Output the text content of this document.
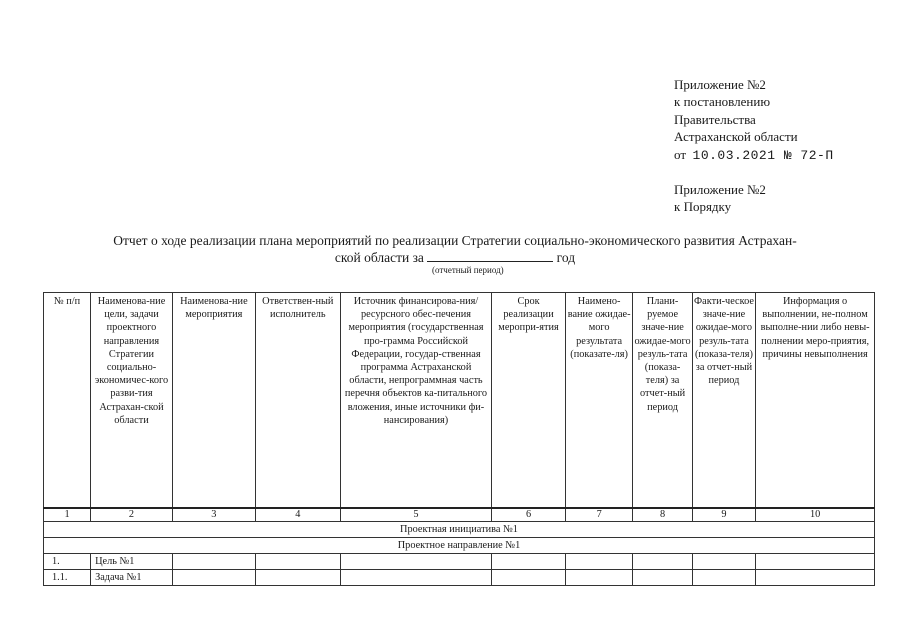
Приложение №2
к постановлению
Правительства
Астраханской области
от 10.03.2021 № 72-П
Приложение №2
к Порядку
Отчет о ходе реализации плана мероприятий по реализации Стратегии социально-экономического развития Астрахан-
ской области за	год
(отчетный период)
№ п/п	Наименова-ние цели, задачи проектного направления Стратегии социально-экономичес-кого разви-тия Астрахан-ской области	Наименова-ние мероприятия	Ответствен-ный исполнитель	Источник финансирова-ния/ресурсного обес-печения мероприятия (государственная про-грамма Российской Федерации, государ-ственная программа Астраханской области, непрограммная часть перечня объектов ка-питального вложения, иные источники фи-нансирования)	Срок реализации меропри-ятия	Наимено-вание ожидае-мого результата (показате-ля)	Плани-руемое значе-ние ожидае-мого резуль-тата (показа-теля) за отчет-ный период	Факти-ческое значе-ние ожидае-мого резуль-тата (показа-теля) за отчет-ный период	Информация о выполнении, не-полном выполне-нии либо невы-полнении меро-приятия, причины невыполнения
1	2	3	4	5	6	7	8	9	10
Проектная инициатива №1									
Проектное направление №1									
1.	Цель №1								
1.1.	Задача №1								
